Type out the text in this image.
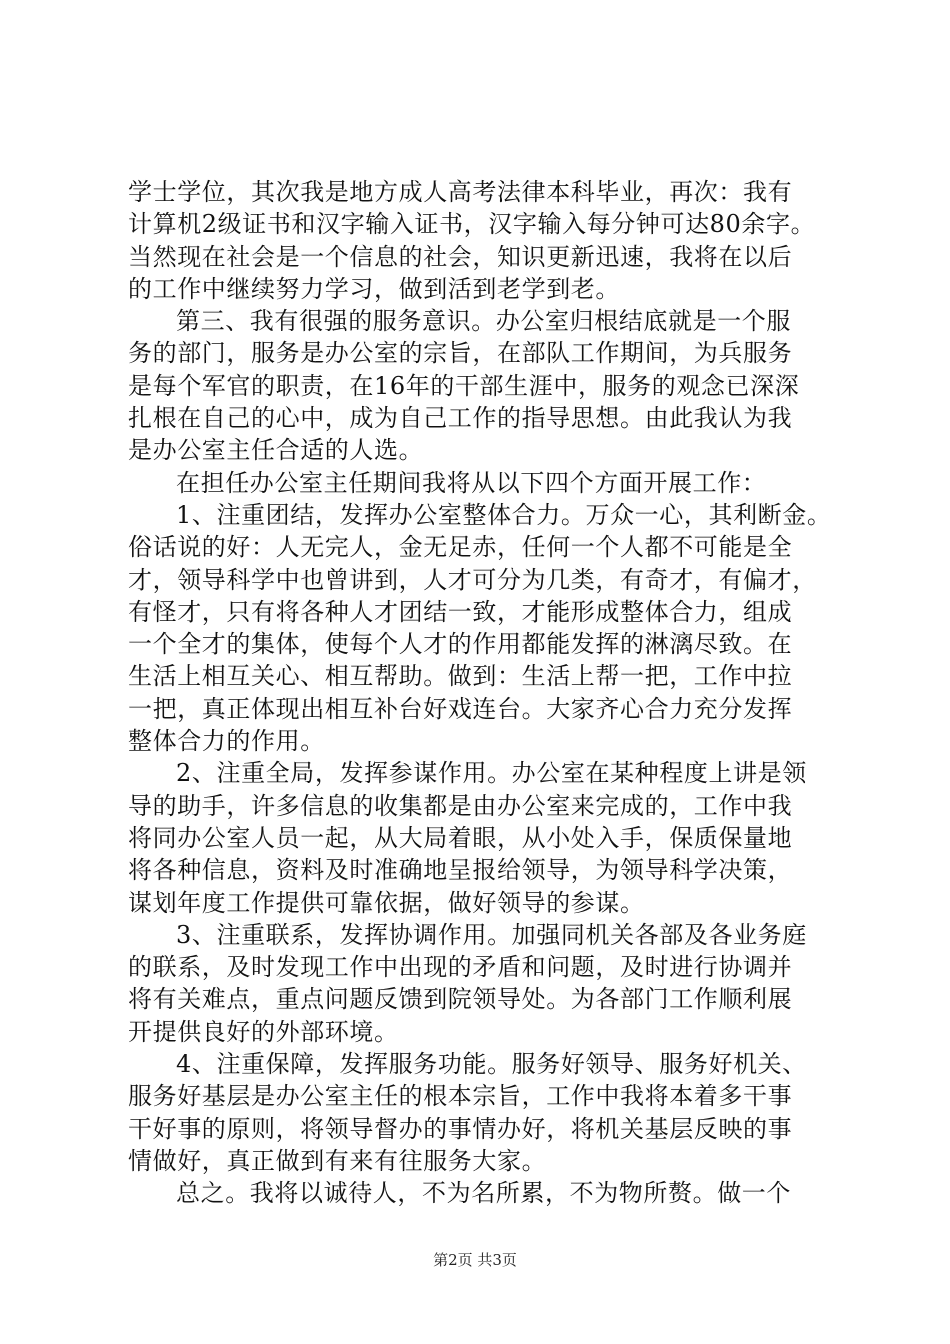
学士学位，其次我是地方成人高考法律本科毕业，再次：我有
计算机2级证书和汉字输入证书，汉字输入每分钟可达80余字。
当然现在社会是一个信息的社会，知识更新迅速，我将在以后
的工作中继续努力学习，做到活到老学到老。
第三、我有很强的服务意识。办公室归根结底就是一个服
务的部门，服务是办公室的宗旨，在部队工作期间，为兵服务
是每个军官的职责，在16年的干部生涯中，服务的观念已深深
扎根在自己的心中，成为自己工作的指导思想。由此我认为我
是办公室主任合适的人选。
在担任办公室主任期间我将从以下四个方面开展工作：
1、注重团结，发挥办公室整体合力。万众一心，其利断金。
俗话说的好：人无完人，金无足赤，任何一个人都不可能是全
才，领导科学中也曾讲到，人才可分为几类，有奇才，有偏才，
有怪才，只有将各种人才团结一致，才能形成整体合力，组成
一个全才的集体，使每个人才的作用都能发挥的淋漓尽致。在
生活上相互关心、相互帮助。做到：生活上帮一把，工作中拉
一把，真正体现出相互补台好戏连台。大家齐心合力充分发挥
整体合力的作用。
2、注重全局，发挥参谋作用。办公室在某种程度上讲是领
导的助手，许多信息的收集都是由办公室来完成的，工作中我
将同办公室人员一起，从大局着眼，从小处入手，保质保量地
将各种信息，资料及时准确地呈报给领导，为领导科学决策，
谋划年度工作提供可靠依据，做好领导的参谋。
3、注重联系，发挥协调作用。加强同机关各部及各业务庭
的联系，及时发现工作中出现的矛盾和问题，及时进行协调并
将有关难点，重点问题反馈到院领导处。为各部门工作顺利展
开提供良好的外部环境。
4、注重保障，发挥服务功能。服务好领导、服务好机关、
服务好基层是办公室主任的根本宗旨，工作中我将本着多干事
干好事的原则，将领导督办的事情办好，将机关基层反映的事
情做好，真正做到有来有往服务大家。
总之。我将以诚待人，不为名所累，不为物所赘。做一个
第2页 共3页
